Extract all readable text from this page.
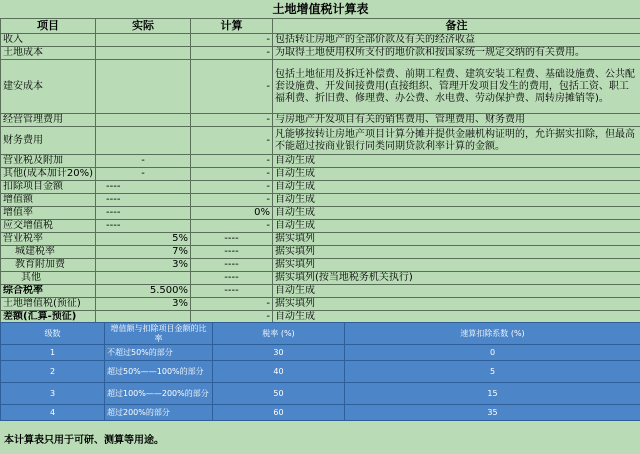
土地增值税计算表			
项目	实际	计算	备注
收入		-	包括转让房地产的全部价款及有关的经济收益
土地成本		-	为取得土地使用权所支付的地价款和按国家统一规定交纳的有关费用。
建安成本		-	包括土地征用及拆迁补偿费、前期工程费、建筑安装工程费、基础设施费、公共配套设施费、开发间接费用(直接组织、管理开发项目发生的费用，包括工资、职工福利费、折旧费、修理费、办公费、水电费、劳动保护费、周转房摊销等)。
经营管理费用		-	与房地产开发项目有关的销售费用、管理费用、财务费用
财务费用		-	凡能够按转让房地产项目计算分摊并提供金融机构证明的，允许据实扣除，但最高不能超过按商业银行同类同期贷款利率计算的金额。
营业税及附加	-	-	自动生成
其他(成本加计20%)	-	-	自动生成
扣除项目金额	----	-	自动生成
增值额	----	-	自动生成
增值率	----	0%	自动生成
应交增值税	----	-	自动生成
营业税率	5%	----	据实填列
城建税率	7%	----	据实填列
教育附加费	3%	----	据实填列
其他		----	据实填列(按当地税务机关执行)
综合税率	5.500%	----	自动生成
土地增值税(预征)	3%	-	据实填列
差额(汇算-预征)		-	自动生成
级数	增值额与扣除项目金额的比率	税率 (%)	速算扣除系数 (%)
1	不超过50%的部分	30	0
2	超过50%——100%的部分	40	5
3	超过100%——200%的部分	50	15
4	超过200%的部分	60	35
本计算表只用于可研、测算等用途。
